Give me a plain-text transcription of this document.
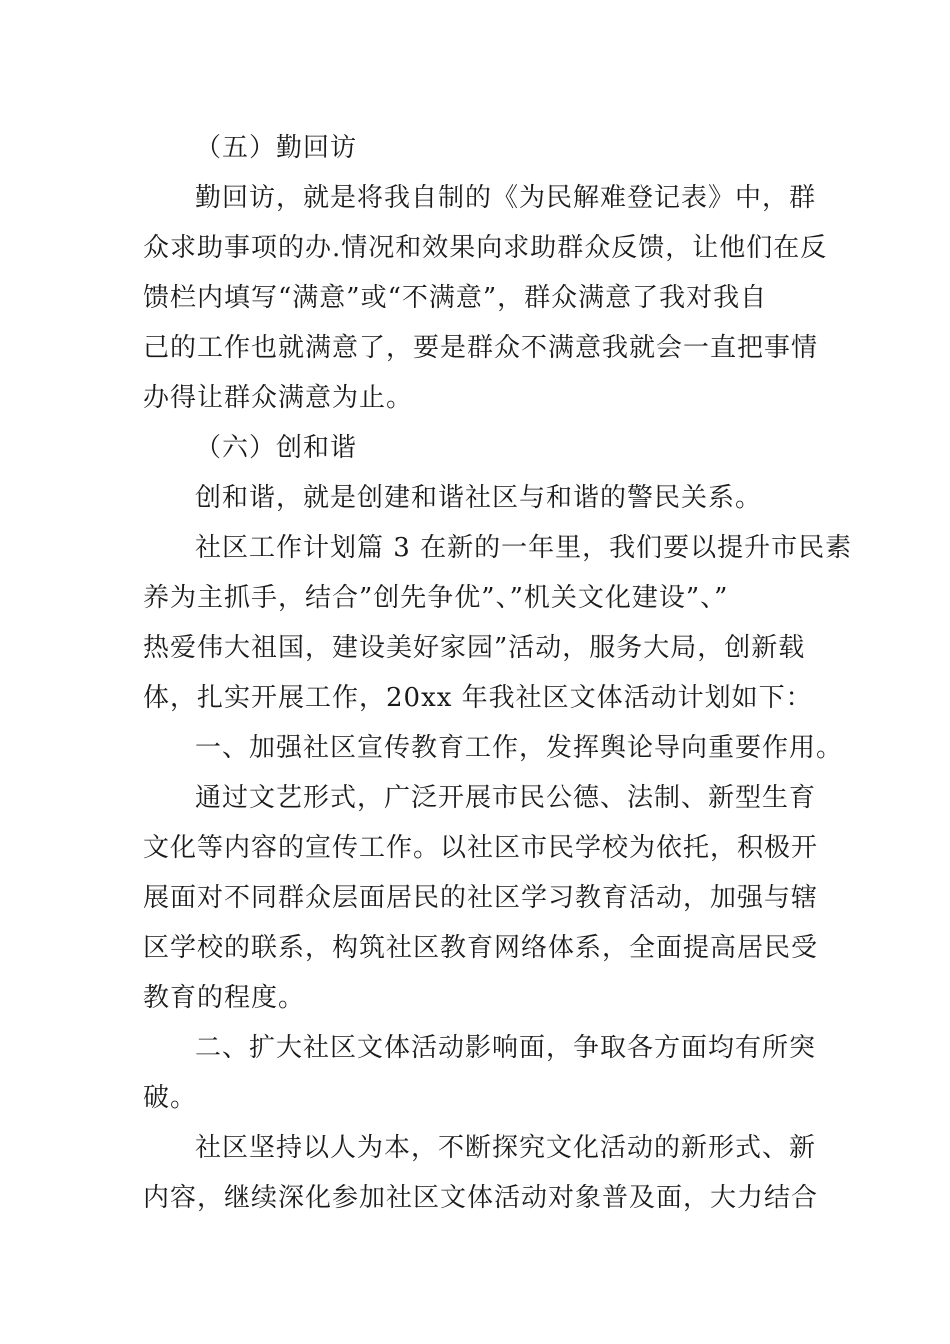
（五）勤回访
勤回访，就是将我自制的《为民解难登记表》中，群
众求助事项的办.情况和效果向求助群众反馈，让他们在反
馈栏内填写“满意”或“不满意”，群众满意了我对我自
己的工作也就满意了，要是群众不满意我就会一直把事情
办得让群众满意为止。
（六）创和谐
创和谐，就是创建和谐社区与和谐的警民关系。
社区工作计划篇 3 在新的一年里，我们要以提升市民素
养为主抓手，结合”创先争优”、”机关文化建设”、”
热爱伟大祖国，建设美好家园”活动，服务大局，创新载
体，扎实开展工作，20xx 年我社区文体活动计划如下：
一、加强社区宣传教育工作，发挥舆论导向重要作用。
通过文艺形式，广泛开展市民公德、法制、新型生育
文化等内容的宣传工作。以社区市民学校为依托，积极开
展面对不同群众层面居民的社区学习教育活动，加强与辖
区学校的联系，构筑社区教育网络体系，全面提高居民受
教育的程度。
二、扩大社区文体活动影响面，争取各方面均有所突
破。
社区坚持以人为本，不断探究文化活动的新形式、新
内容，继续深化参加社区文体活动对象普及面，大力结合
